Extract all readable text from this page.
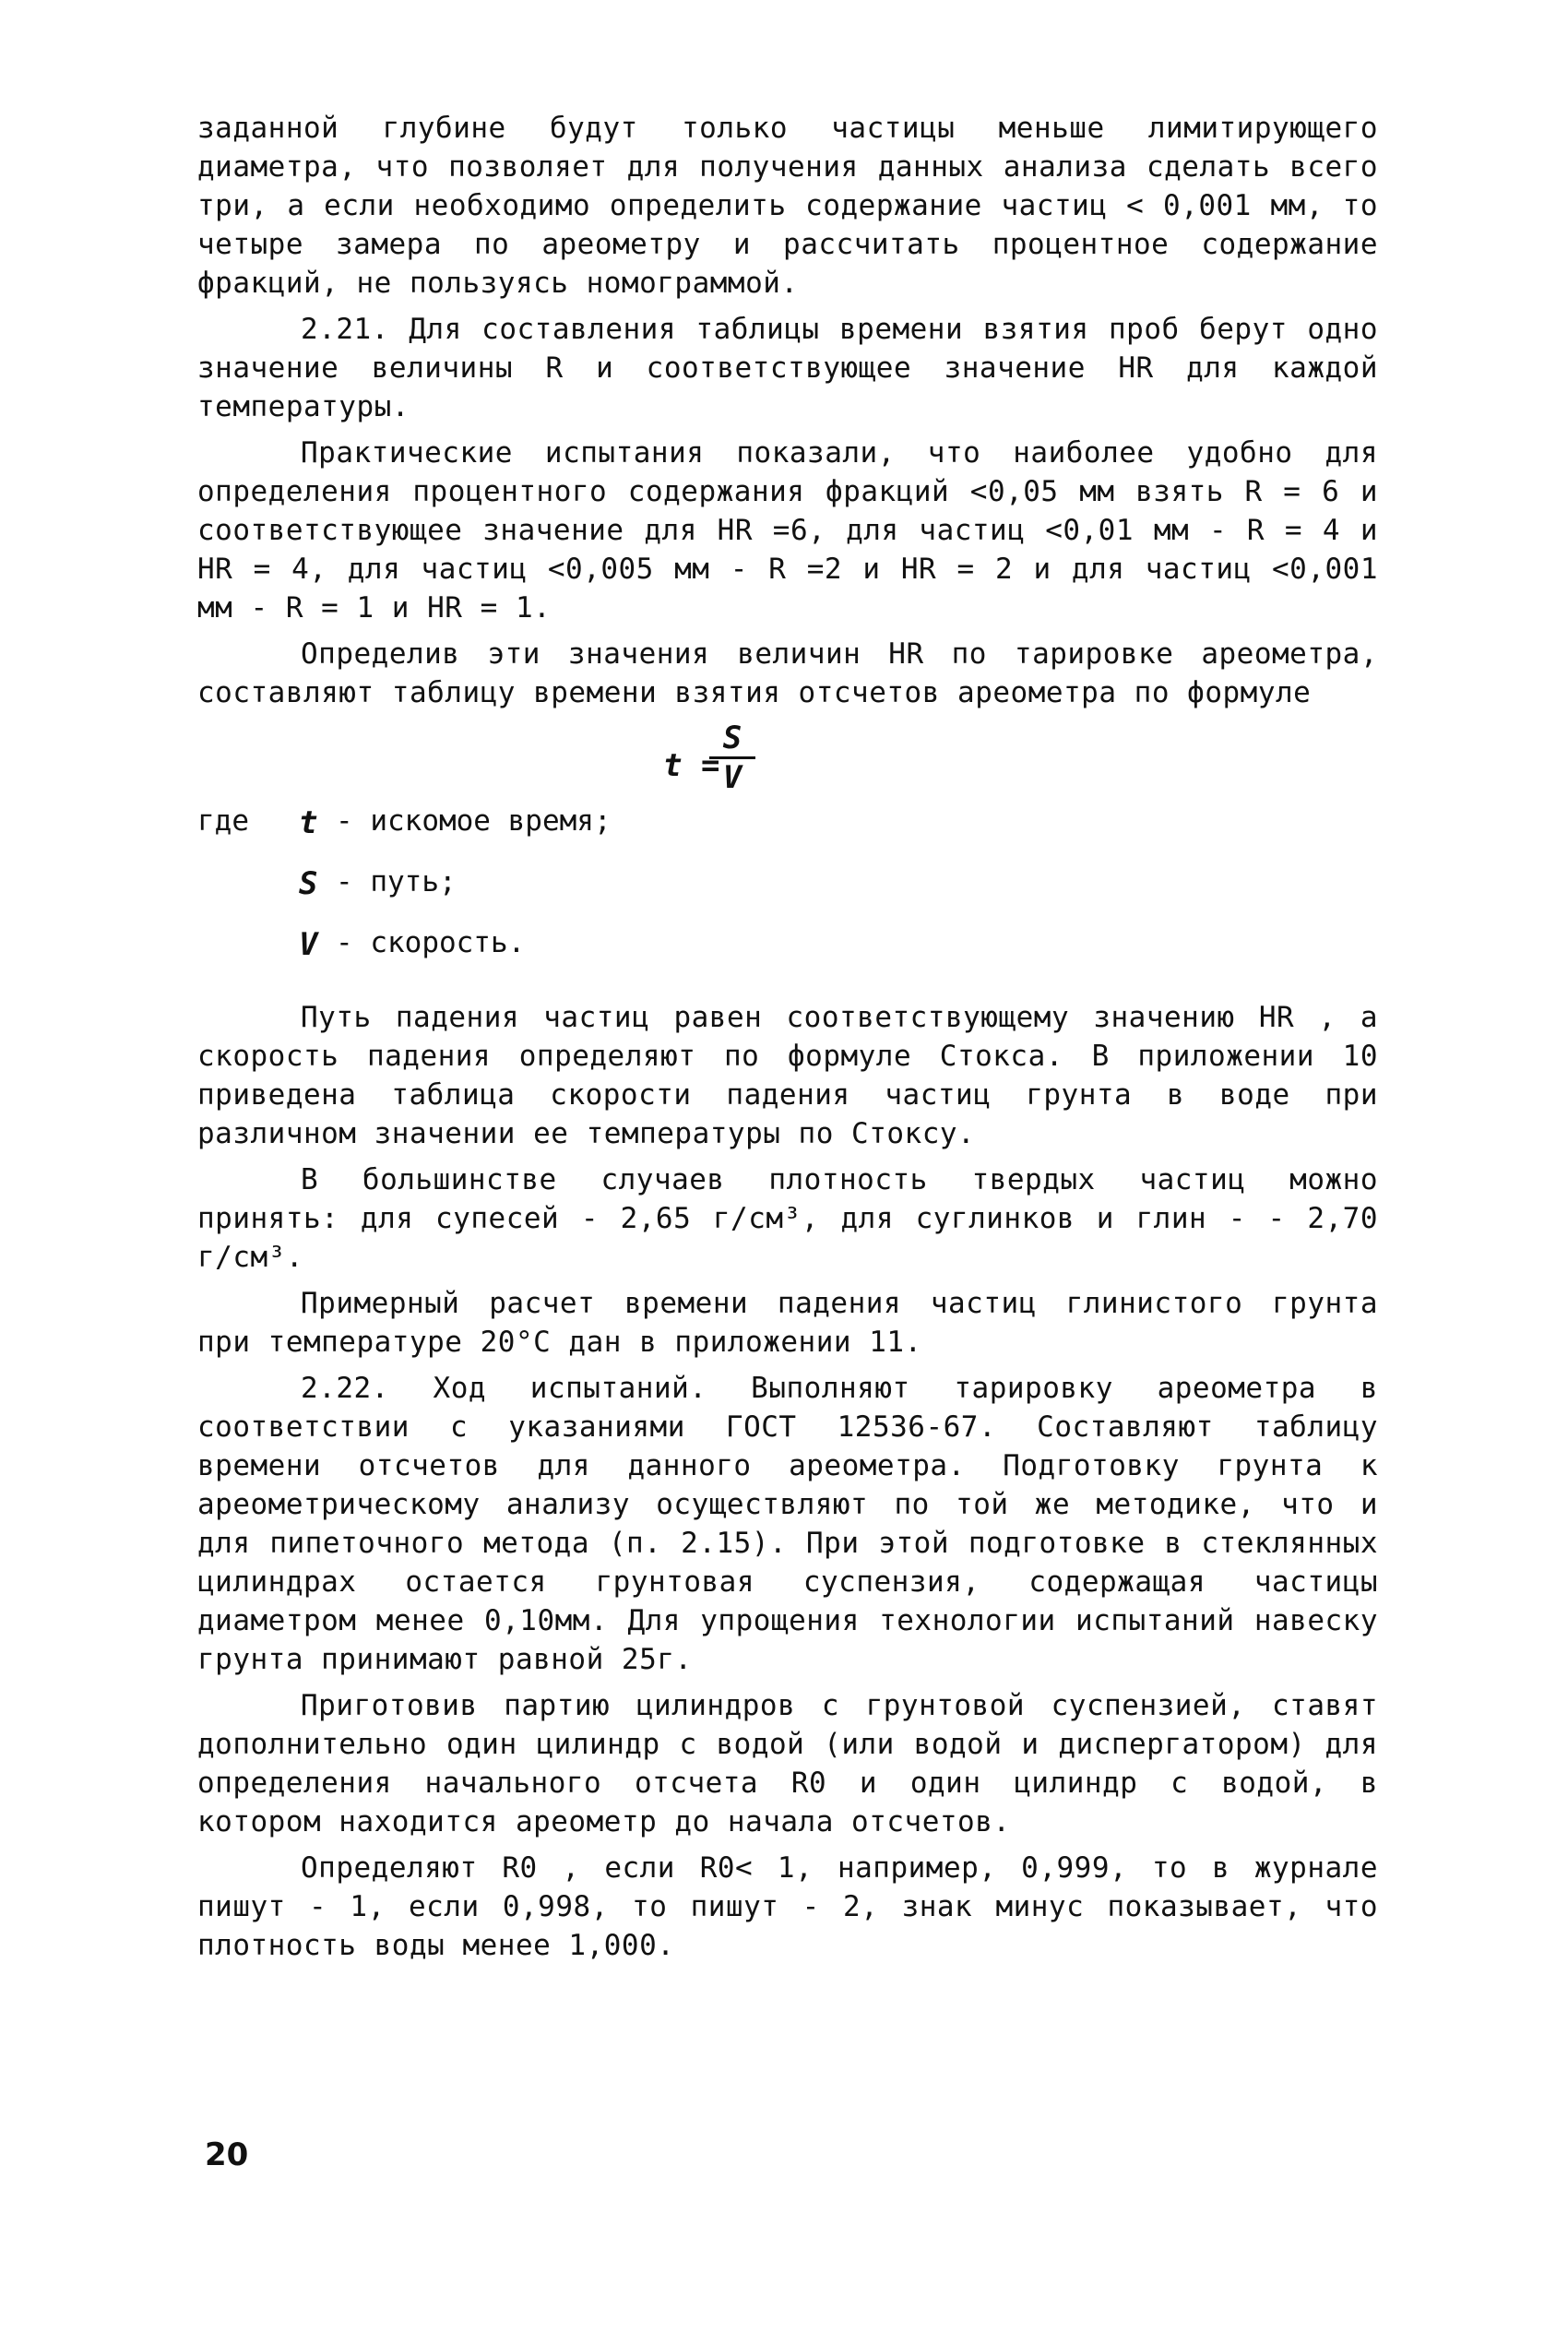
заданной глубине будут только частицы меньше лимитирующего диаметра, что позволяет для получения данных анализа сделать всего три, а если необходимо определить содержание частиц < 0,001 мм, то четыре замера по ареометру и рассчитать процентное содержание фракций, не пользуясь номограммой.

2.21. Для составления таблицы времени взятия проб берут одно значение величины R и соответствующее значение HR для каждой температуры.

Практические испытания показали, что наиболее удобно для определения процентного содержания фракций <0,05 мм взять R = 6 и соответствующее значение для HR =6, для частиц <0,01 мм - R = 4 и HR = 4, для частиц <0,005 мм - R =2 и HR = 2 и для частиц <0,001 мм - R = 1 и HR = 1.

Определив эти значения величин HR по тарировке ареометра, составляют таблицу времени взятия отсчетов ареометра по формуле

t =
$\frac{S}{V}$
где t - искомое время;
S - путь;
V - скорость.

Путь падения частиц равен соответствующему значению HR , а скорость падения определяют по формуле Стокса. В приложении 10 приведена таблица скорости падения частиц грунта в воде при различном значении ее температуры по Стоксу.

В большинстве случаев плотность твердых частиц можно принять: для супесей - 2,65 г/см³, для суглинков и глин - - 2,70 г/см³.

Примерный расчет времени падения частиц глинистого грунта при температуре 20°С дан в приложении 11.

2.22. Ход испытаний. Выполняют тарировку ареометра в соответствии с указаниями ГОСТ 12536-67. Составляют таблицу времени отсчетов для данного ареометра. Подготовку грунта к ареометрическому анализу осуществляют по той же методике, что и для пипеточного метода (п. 2.15). При этой подготовке в стеклянных цилиндрах остается грунтовая суспензия, содержащая частицы диаметром менее 0,10мм. Для упрощения технологии испытаний навеску грунта принимают равной 25г.

Приготовив партию цилиндров с грунтовой суспензией, ставят дополнительно один цилиндр с водой (или водой и диспергатором) для определения начального отсчета R0 и один цилиндр с водой, в котором находится ареометр до начала отсчетов.

Определяют R0 , если R0< 1, например, 0,999, то в журнале пишут - 1, если 0,998, то пишут - 2, знак минус показывает, что плотность воды менее 1,000.

20
